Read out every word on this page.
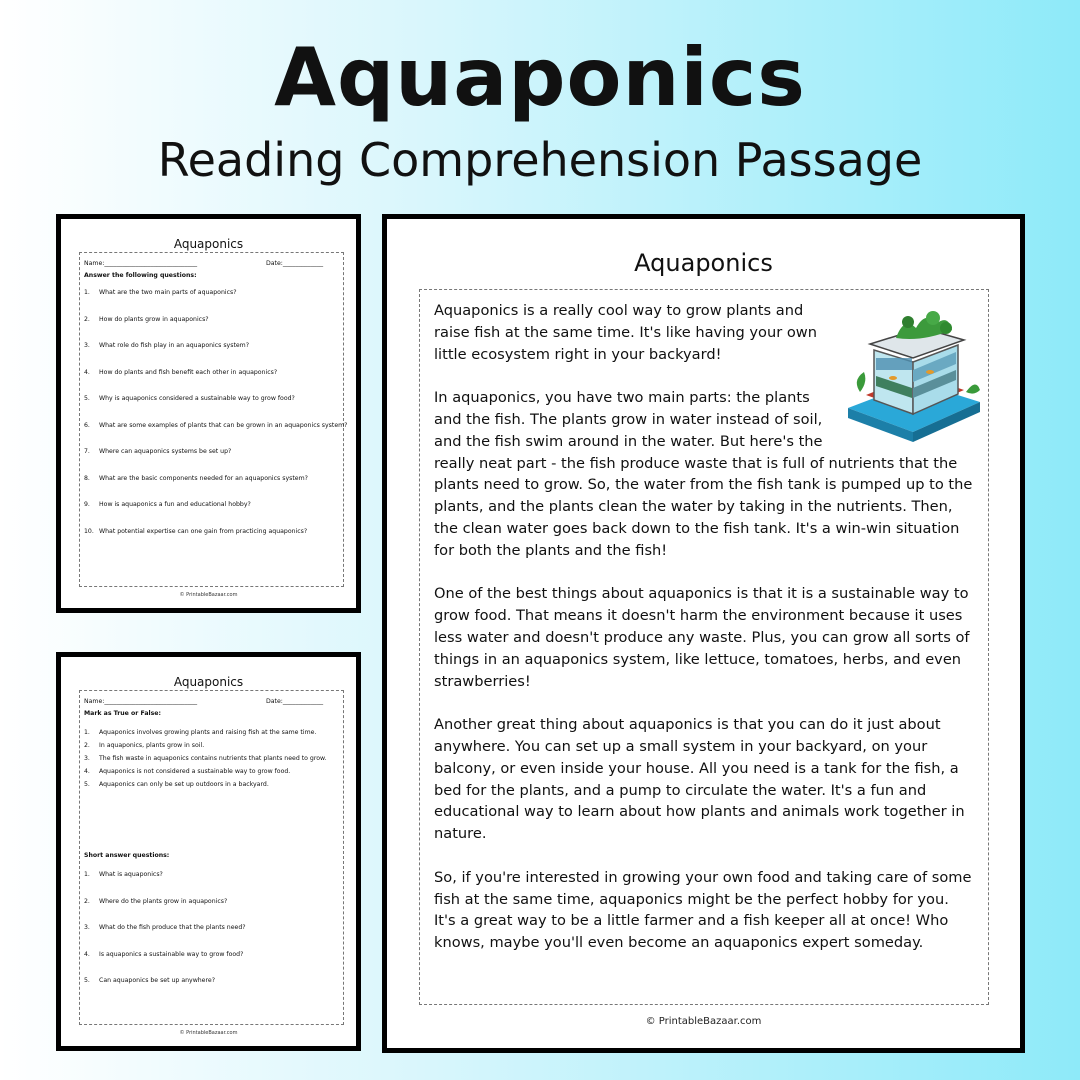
Aquaponics
Reading Comprehension Passage
Aquaponics
Name:______________________________	Date:_____________
Answer the following questions:
1. What are the two main parts of aquaponics?
2. How do plants grow in aquaponics?
3. What role do fish play in an aquaponics system?
4. How do plants and fish benefit each other in aquaponics?
5. Why is aquaponics considered a sustainable way to grow food?
6. What are some examples of plants that can be grown in an aquaponics system?
7. Where can aquaponics systems be set up?
8. What are the basic components needed for an aquaponics system?
9. How is aquaponics a fun and educational hobby?
10. What potential expertise can one gain from practicing aquaponics?
© PrintableBazaar.com
Aquaponics
Name:______________________________	Date:_____________
Mark as True or False:
1. Aquaponics involves growing plants and raising fish at the same time.
2. In aquaponics, plants grow in soil.
3. The fish waste in aquaponics contains nutrients that plants need to grow.
4. Aquaponics is not considered a sustainable way to grow food.
5. Aquaponics can only be set up outdoors in a backyard.
Short answer questions:
1. What is aquaponics?
2. Where do the plants grow in aquaponics?
3. What do the fish produce that the plants need?
4. Is aquaponics a sustainable way to grow food?
5. Can aquaponics be set up anywhere?
© PrintableBazaar.com
Aquaponics

Aquaponics is a really cool way to grow plants and raise fish at the same time. It's like having your own little ecosystem right in your backyard!

In aquaponics, you have two main parts: the plants and the fish. The plants grow in water instead of soil, and the fish swim around in the water. But here's the really neat part - the fish produce waste that is full of nutrients that the plants need to grow. So, the water from the fish tank is pumped up to the plants, and the plants clean the water by taking in the nutrients. Then, the clean water goes back down to the fish tank. It's a win-win situation for both the plants and the fish!

One of the best things about aquaponics is that it is a sustainable way to grow food. That means it doesn't harm the environment because it uses less water and doesn't produce any waste. Plus, you can grow all sorts of things in an aquaponics system, like lettuce, tomatoes, herbs, and even strawberries!

Another great thing about aquaponics is that you can do it just about anywhere. You can set up a small system in your backyard, on your balcony, or even inside your house. All you need is a tank for the fish, a bed for the plants, and a pump to circulate the water. It's a fun and educational way to learn about how plants and animals work together in nature.

So, if you're interested in growing your own food and taking care of some fish at the same time, aquaponics might be the perfect hobby for you. It's a great way to be a little farmer and a fish keeper all at once! Who knows, maybe you'll even become an aquaponics expert someday.

© PrintableBazaar.com
